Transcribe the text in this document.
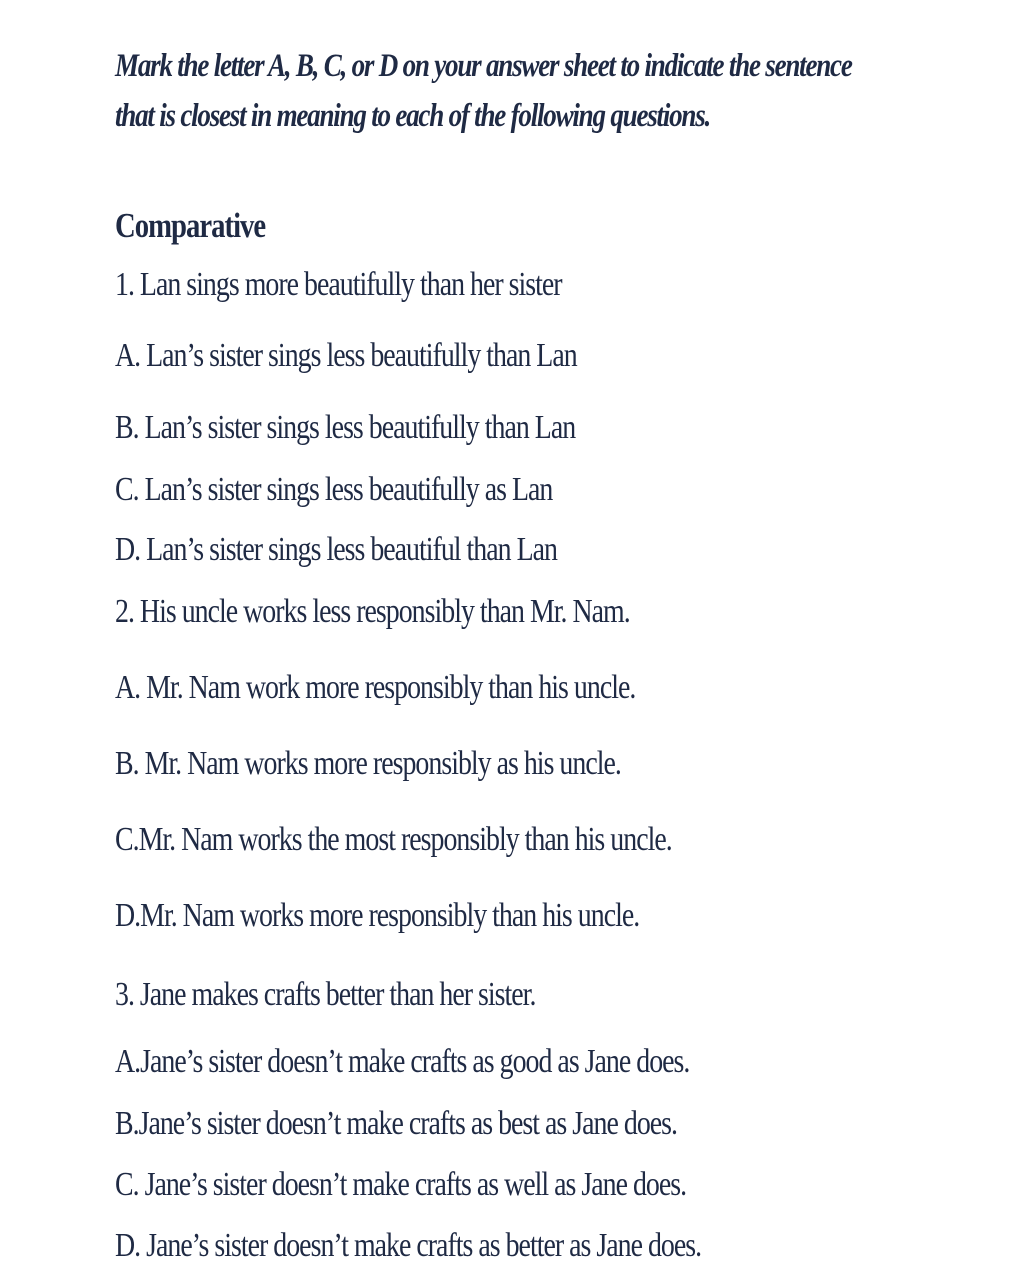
Mark the letter A, B, C, or D on your answer sheet to indicate the sentence
that is closest in meaning to each of the following questions.
Comparative
1. Lan sings more beautifully than her sister
A. Lan’s sister sings less beautifully than Lan
B. Lan’s sister sings less beautifully than Lan
C. Lan’s sister sings less beautifully as Lan
D. Lan’s sister sings less beautiful than Lan
2. His uncle works less responsibly than Mr. Nam.
A. Mr. Nam work more responsibly than his uncle.
B. Mr. Nam works more responsibly as his uncle.
C.Mr. Nam works the most responsibly than his uncle.
D.Mr. Nam works more responsibly than his uncle.
3. Jane makes crafts better than her sister.
A.Jane’s sister doesn’t make crafts as good as Jane does.
B.Jane’s sister doesn’t make crafts as best as Jane does.
C. Jane’s sister doesn’t make crafts as well as Jane does.
D. Jane’s sister doesn’t make crafts as better as Jane does.
